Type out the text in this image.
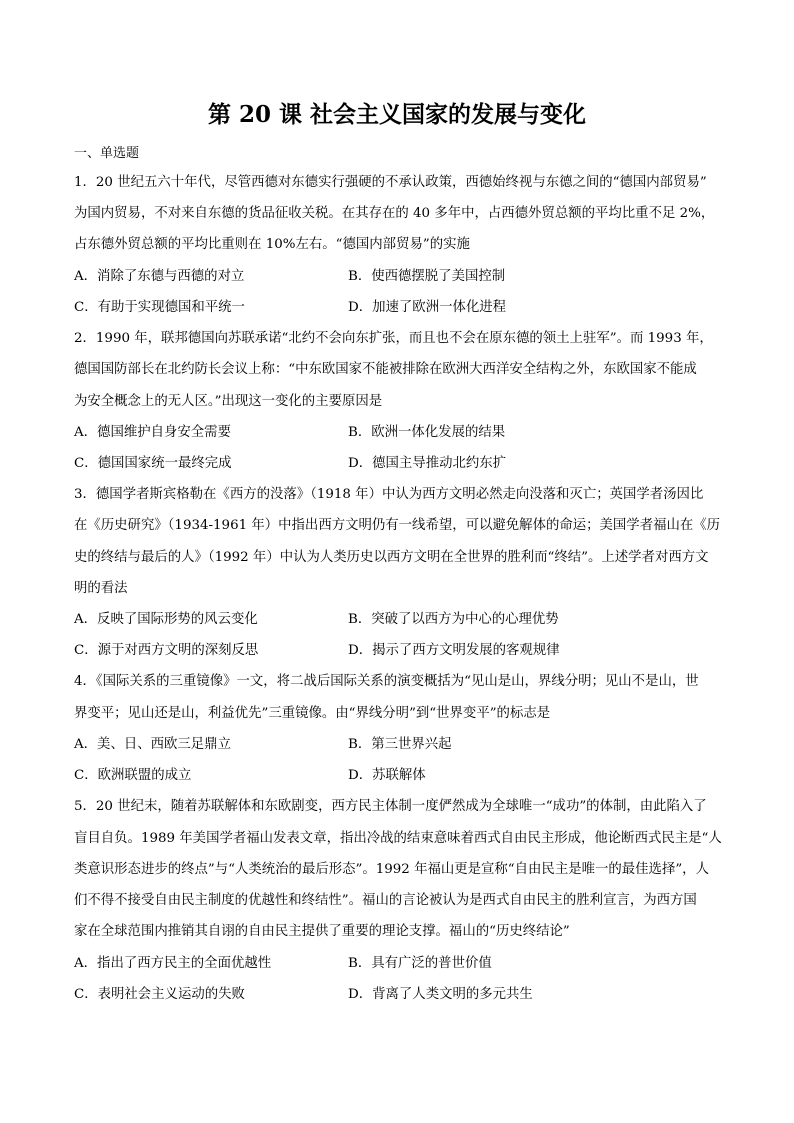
第 20 课 社会主义国家的发展与变化
一、单选题
1．20 世纪五六十年代，尽管西德对东德实行强硬的不承认政策，西德始终视与东德之间的“德国内部贸易”
为国内贸易，不对来自东德的货品征收关税。在其存在的 40 多年中，占西德外贸总额的平均比重不足 2%，
占东德外贸总额的平均比重则在 10%左右。“德国内部贸易”的实施
A．消除了东德与西德的对立	B．使西德摆脱了美国控制
C．有助于实现德国和平统一	D．加速了欧洲一体化进程
2．1990 年，联邦德国向苏联承诺“北约不会向东扩张，而且也不会在原东德的领土上驻军”。而 1993 年，
德国国防部长在北约防长会议上称：“中东欧国家不能被排除在欧洲大西洋安全结构之外，东欧国家不能成
为安全概念上的无人区。”出现这一变化的主要原因是
A．德国维护自身安全需要	B．欧洲一体化发展的结果
C．德国国家统一最终完成	D．德国主导推动北约东扩
3．德国学者斯宾格勒在《西方的没落》（1918 年）中认为西方文明必然走向没落和灭亡；英国学者汤因比
在《历史研究》（1934-1961 年）中指出西方文明仍有一线希望，可以避免解体的命运；美国学者福山在《历
史的终结与最后的人》（1992 年）中认为人类历史以西方文明在全世界的胜利而“终结”。上述学者对西方文
明的看法
A．反映了国际形势的风云变化	B．突破了以西方为中心的心理优势
C．源于对西方文明的深刻反思	D．揭示了西方文明发展的客观规律
4．《国际关系的三重镜像》一文，将二战后国际关系的演变概括为“见山是山，界线分明；见山不是山，世
界变平；见山还是山，利益优先”三重镜像。由“界线分明”到“世界变平”的标志是
A．美、日、西欧三足鼎立	B．第三世界兴起
C．欧洲联盟的成立	D．苏联解体
5．20 世纪末，随着苏联解体和东欧剧变，西方民主体制一度俨然成为全球唯一“成功”的体制，由此陷入了
盲目自负。1989 年美国学者福山发表文章，指出冷战的结束意味着西式自由民主形成，他论断西式民主是“人
类意识形态进步的终点”与“人类统治的最后形态”。1992 年福山更是宣称“自由民主是唯一的最佳选择”，人
们不得不接受自由民主制度的优越性和终结性”。福山的言论被认为是西式自由民主的胜利宣言，为西方国
家在全球范围内推销其自诩的自由民主提供了重要的理论支撑。福山的“历史终结论”
A．指出了西方民主的全面优越性	B．具有广泛的普世价值
C．表明社会主义运动的失败	D．背离了人类文明的多元共生
